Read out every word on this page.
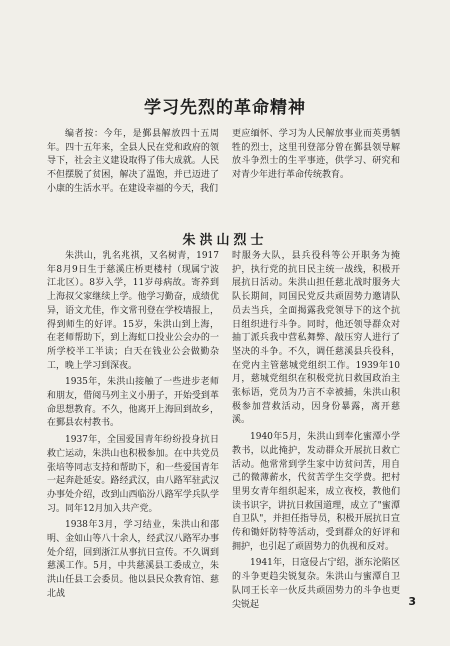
学习先烈的革命精神

编者按：今年，是鄞县解放四十五周年。四十五年来，全县人民在党和政府的领导下，社会主义建设取得了伟大成就。人民不但摆脱了贫困，解决了温饱，并已迈进了小康的生活水平。在建设幸福的今天，我们

更应缅怀、学习为人民解放事业而英勇牺牲的烈士，这里刊登部分曾在鄞县领导解放斗争烈士的生平事迹，供学习、研究和对青少年进行革命传统教育。

朱洪山烈士

朱洪山，乳名兆祺，又名树青，1917年8月9日生于慈溪庄桥更楼村（现属宁波江北区）。8岁入学，11岁母病故。寄养到上海叔父家继续上学。他学习勤奋，成绩优异，语文尤佳，作文常刊登在学校墙报上，得到师生的好评。15岁，朱洪山到上海，在老师帮助下，到上海虹口投业公会办的一所学校半工半读；白天在钱业公会做勤杂工，晚上学习到深夜。

1935年，朱洪山接触了一些进步老师和朋友，借阅马列主义小册子，开始受到革命思想教育。不久，他离开上海回到故乡，在鄞县农村教书。

1937年，全国爱国青年纷纷投身抗日救亡运动，朱洪山也积极参加。在中共党员张培等同志支持和帮助下，和一些爱国青年一起奔赴延安。路经武汉，由八路军驻武汉办事处介绍，改到山西临汾八路军学兵队学习。同年12月加入共产党。

1938年3月，学习结业，朱洪山和邵明、金如山等八十余人，经武汉八路军办事处介绍，回到浙江从事抗日宣传。不久调到慈溪工作。5月，中共慈溪县工委成立，朱洪山任县工会委员。他以县民众教育馆、慈北战

时服务大队，县兵役科等公开职务为掩护，执行党的抗日民主统一战线，积极开展抗日活动。朱洪山担任慈北战时服务大队长期间，同国民党反共顽固势力邀请队员去当兵，全面揭露我党领导下的这个抗日组织进行斗争。同时，他还领导群众对抽丁派兵我中营私舞弊、敲压穷人进行了坚决的斗争。不久，调任慈溪县兵役科，在党内主管慈城党组织工作。1939年10月，慈城党组织在积极党抗日救国政治主张标语，党员为乃言不幸被捕，朱洪山积极参加营救活动，因身份暴露，离开慈溪。

1940年5月，朱洪山到奉化蜜潭小学教书，以此掩护，发动群众开展抗日救亡活动。他常常到学生家中访贫问苦，用自己的微薄薪水，代贫苦学生交学费。把村里男女青年组织起来，成立夜校，教他们读书识字，讲抗日救国道理，成立了"蜜潭自卫队"，并担任指导员，积极开展抗日宣传和锄奸防特等活动，受到群众的好评和拥护，也引起了顽固势力的仇视和反对。

1941年，日寇侵占宁绍，浙东沦陷区的斗争更趋尖锐复杂。朱洪山与蜜潭自卫队同王长辛一伙反共顽固势力的斗争也更尖锐起	3
